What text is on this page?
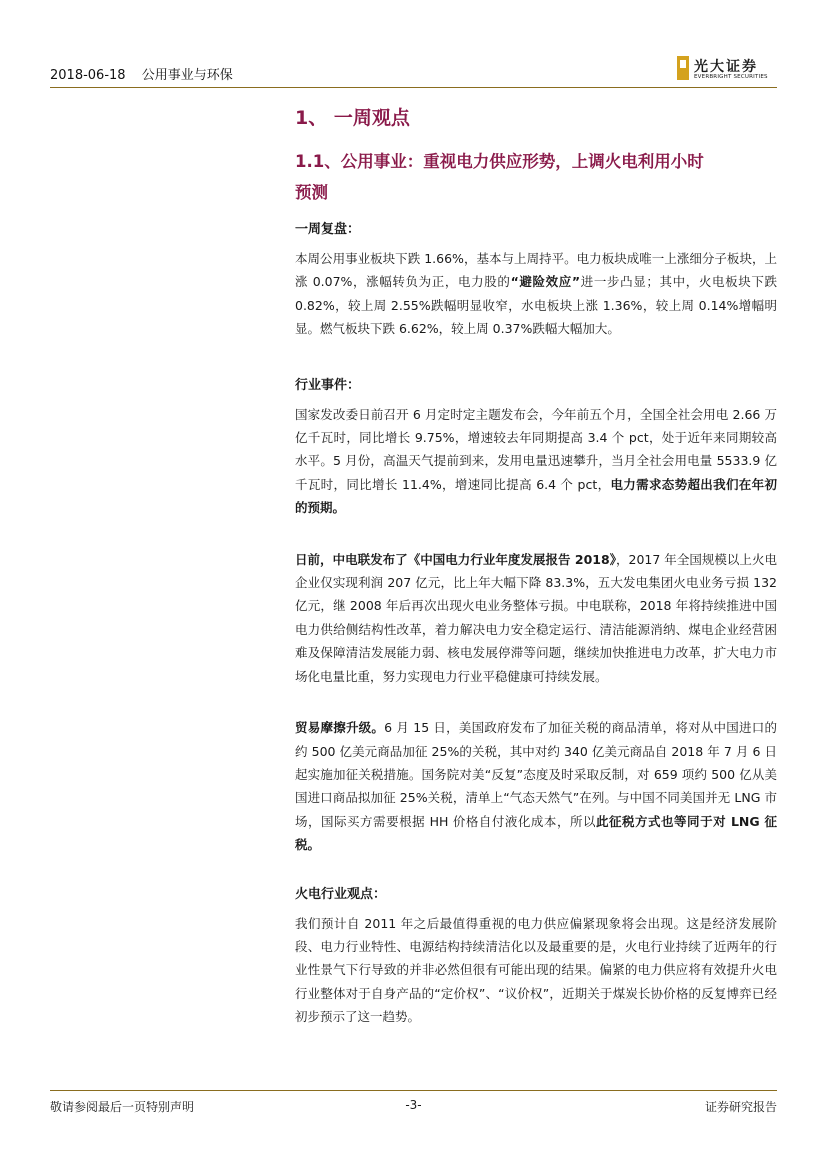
2018-06-18 公用事业与环保
光大证券
EVERBRIGHT SECURITIES
1、 一周观点
1.1、公用事业：重视电力供应形势，上调火电利用小时
预测
一周复盘：

本周公用事业板块下跌 1.66%，基本与上周持平。电力板块成唯一上涨细分子板块，上涨 0.07%，涨幅转负为正，电力股的“避险效应”进一步凸显；其中，火电板块下跌 0.82%，较上周 2.55%跌幅明显收窄，水电板块上涨 1.36%，较上周 0.14%增幅明显。燃气板块下跌 6.62%，较上周 0.37%跌幅大幅加大。

行业事件：

国家发改委日前召开 6 月定时定主题发布会，今年前五个月，全国全社会用电 2.66 万亿千瓦时，同比增长 9.75%，增速较去年同期提高 3.4 个 pct，处于近年来同期较高水平。5 月份，高温天气提前到来，发用电量迅速攀升，当月全社会用电量 5533.9 亿千瓦时，同比增长 11.4%，增速同比提高 6.4 个 pct，电力需求态势超出我们在年初的预期。

日前，中电联发布了《中国电力行业年度发展报告 2018》，2017 年全国规模以上火电企业仅实现利润 207 亿元，比上年大幅下降 83.3%，五大发电集团火电业务亏损 132 亿元，继 2008 年后再次出现火电业务整体亏损。中电联称，2018 年将持续推进中国电力供给侧结构性改革，着力解决电力安全稳定运行、清洁能源消纳、煤电企业经营困难及保障清洁发展能力弱、核电发展停滞等问题，继续加快推进电力改革，扩大电力市场化电量比重，努力实现电力行业平稳健康可持续发展。

贸易摩擦升级。6 月 15 日，美国政府发布了加征关税的商品清单，将对从中国进口的约 500 亿美元商品加征 25%的关税，其中对约 340 亿美元商品自 2018 年 7 月 6 日起实施加征关税措施。国务院对美“反复”态度及时采取反制，对 659 项约 500 亿从美国进口商品拟加征 25%关税，清单上“气态天然气”在列。与中国不同美国并无 LNG 市场，国际买方需要根据 HH 价格自付液化成本，所以此征税方式也等同于对 LNG 征税。

火电行业观点：

我们预计自 2011 年之后最值得重视的电力供应偏紧现象将会出现。这是经济发展阶段、电力行业特性、电源结构持续清洁化以及最重要的是，火电行业持续了近两年的行业性景气下行导致的并非必然但很有可能出现的结果。偏紧的电力供应将有效提升火电行业整体对于自身产品的“定价权”、“议价权”，近期关于煤炭长协价格的反复博弈已经初步预示了这一趋势。

敬请参阅最后一页特别声明	-3-	证券研究报告
